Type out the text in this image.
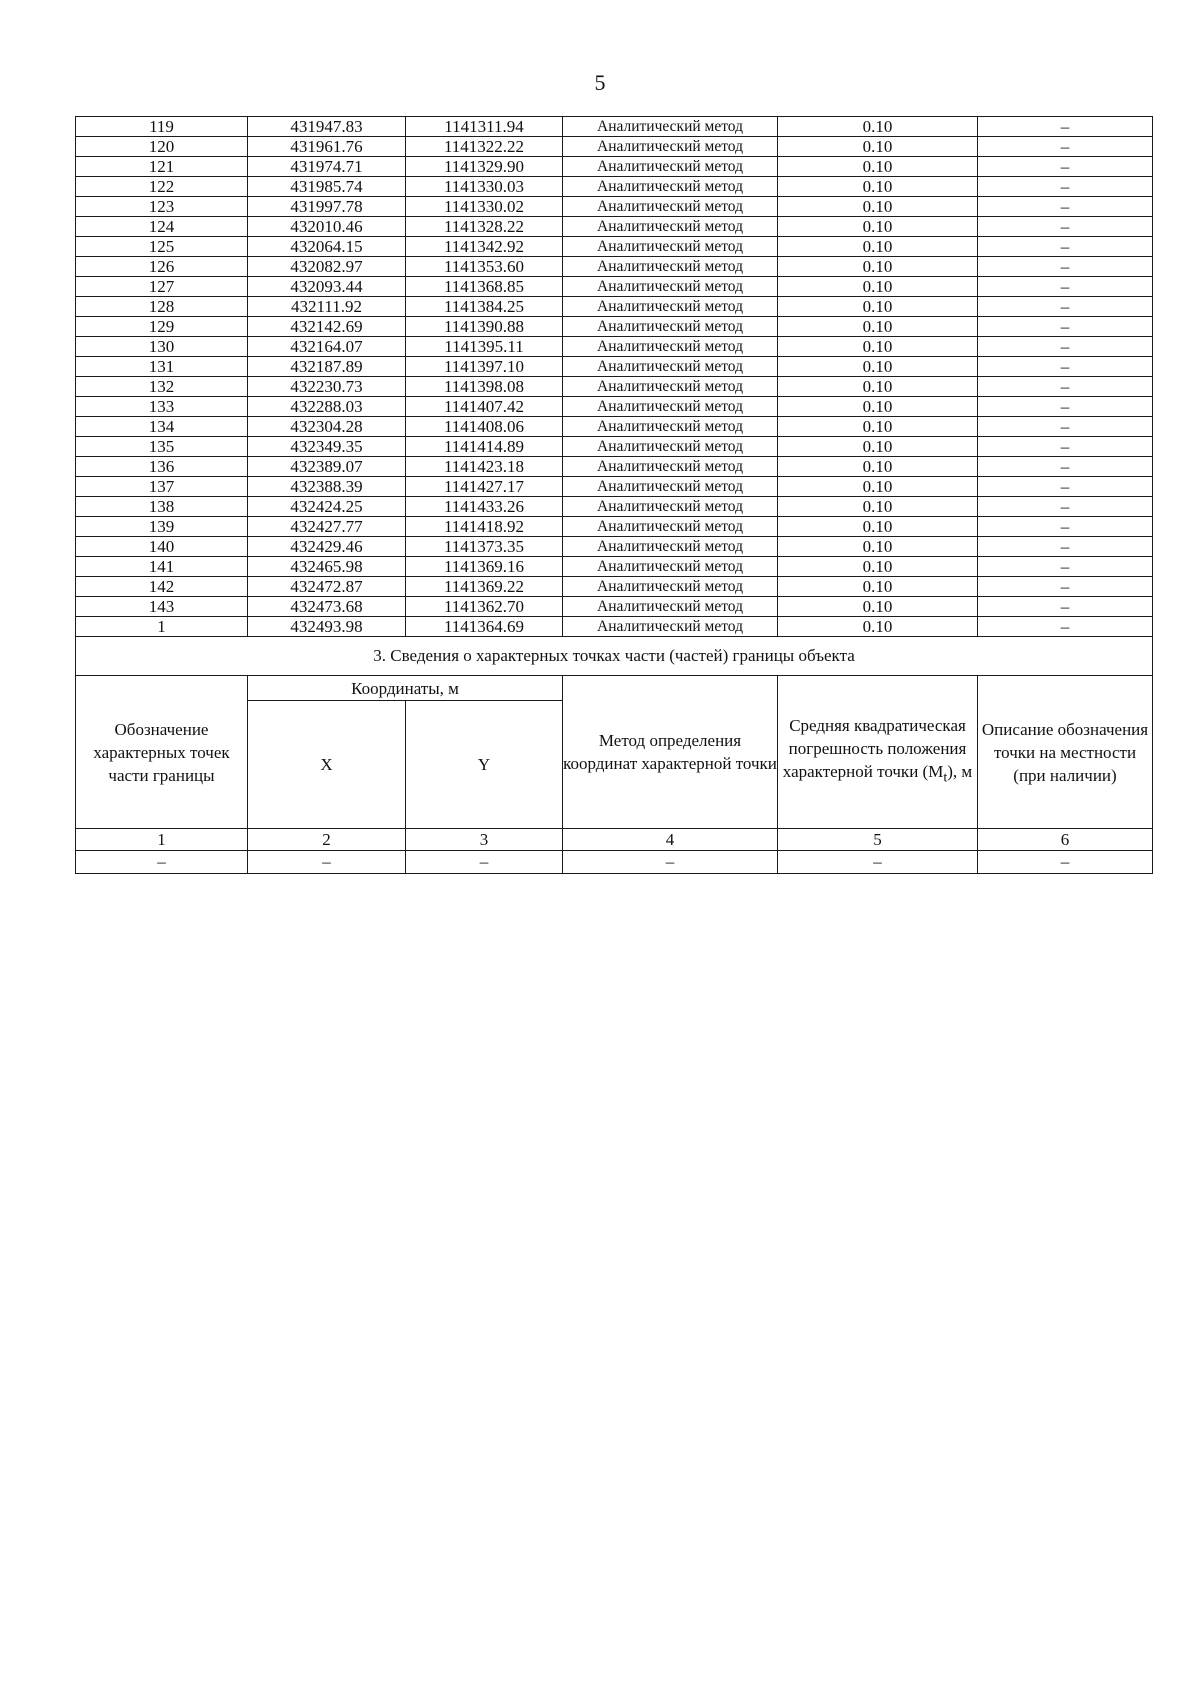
5
119	431947.83	1141311.94	Аналитический метод	0.10	–
120	431961.76	1141322.22	Аналитический метод	0.10	–
121	431974.71	1141329.90	Аналитический метод	0.10	–
122	431985.74	1141330.03	Аналитический метод	0.10	–
123	431997.78	1141330.02	Аналитический метод	0.10	–
124	432010.46	1141328.22	Аналитический метод	0.10	–
125	432064.15	1141342.92	Аналитический метод	0.10	–
126	432082.97	1141353.60	Аналитический метод	0.10	–
127	432093.44	1141368.85	Аналитический метод	0.10	–
128	432111.92	1141384.25	Аналитический метод	0.10	–
129	432142.69	1141390.88	Аналитический метод	0.10	–
130	432164.07	1141395.11	Аналитический метод	0.10	–
131	432187.89	1141397.10	Аналитический метод	0.10	–
132	432230.73	1141398.08	Аналитический метод	0.10	–
133	432288.03	1141407.42	Аналитический метод	0.10	–
134	432304.28	1141408.06	Аналитический метод	0.10	–
135	432349.35	1141414.89	Аналитический метод	0.10	–
136	432389.07	1141423.18	Аналитический метод	0.10	–
137	432388.39	1141427.17	Аналитический метод	0.10	–
138	432424.25	1141433.26	Аналитический метод	0.10	–
139	432427.77	1141418.92	Аналитический метод	0.10	–
140	432429.46	1141373.35	Аналитический метод	0.10	–
141	432465.98	1141369.16	Аналитический метод	0.10	–
142	432472.87	1141369.22	Аналитический метод	0.10	–
143	432473.68	1141362.70	Аналитический метод	0.10	–
1	432493.98	1141364.69	Аналитический метод	0.10	–
3. Сведения о характерных точках части (частей) границы объекта					
Обозначение характерных точек части границы	Координаты, м		Метод определения координат характерной точки	Средняя квадратическая погрешность положения характерной точки $(M_t)$, м	Описание обозначения точки на местности (при наличии)
	X	Y			
1	2	3	4	5	6
–	–	–	–	–	–
